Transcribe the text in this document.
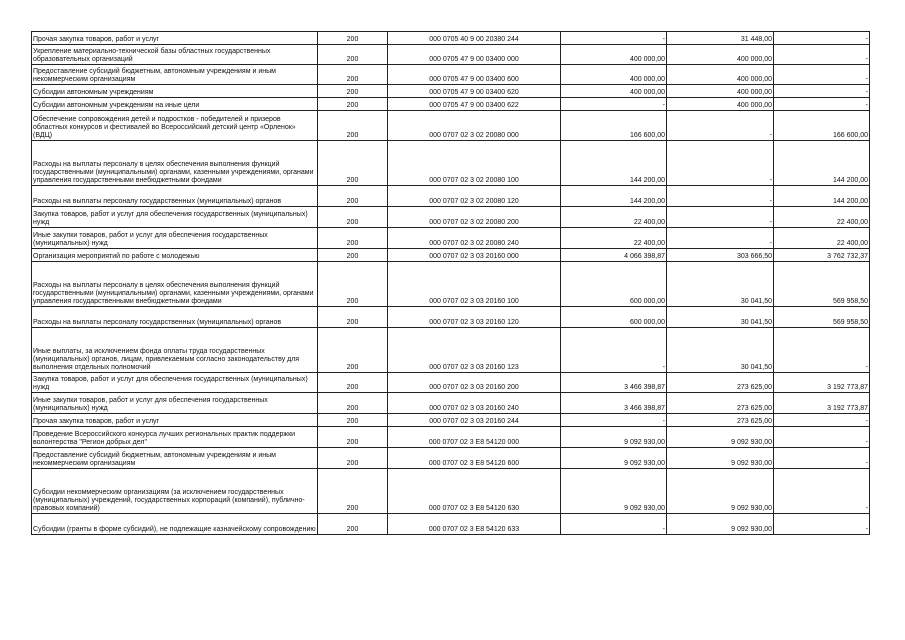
Прочая закупка товаров, работ и услуг	200	000 0705 40 9 00 20380 244	-	31 448,00	-
Укрепление материально-технической базы областных государственных образовательных организаций	200	000 0705 47 9 00 03400 000	400 000,00	400 000,00	-
Предоставление субсидий бюджетным, автономным учреждениям и иным некоммерческим организациям	200	000 0705 47 9 00 03400 600	400 000,00	400 000,00	-
Субсидии автономным учреждениям	200	000 0705 47 9 00 03400 620	400 000,00	400 000,00	-
Субсидии автономным учреждениям на иные цели	200	000 0705 47 9 00 03400 622	-	400 000,00	-
Обеспечение сопровождения детей и подростков - победителей и призеров областных конкурсов и фестивалей во Всероссийский детский центр «Орленок» (ВДЦ)	200	000 0707 02 3 02 20080 000	166 600,00	-	166 600,00
Расходы на выплаты персоналу в целях обеспечения выполнения функций государственными (муниципальными) органами, казенными учреждениями, органами управления государственными внебюджетными фондами	200	000 0707 02 3 02 20080 100	144 200,00	-	144 200,00
Расходы на выплаты персоналу государственных (муниципальных) органов	200	000 0707 02 3 02 20080 120	144 200,00	-	144 200,00
Закупка товаров, работ и услуг для обеспечения государственных (муниципальных) нужд	200	000 0707 02 3 02 20080 200	22 400,00	-	22 400,00
Иные закупки товаров, работ и услуг для обеспечения государственных (муниципальных) нужд	200	000 0707 02 3 02 20080 240	22 400,00	-	22 400,00
Организация мероприятий по работе с молодежью	200	000 0707 02 3 03 20160 000	4 066 398,87	303 666,50	3 762 732,37
Расходы на выплаты персоналу в целях обеспечения выполнения функций государственными (муниципальными) органами, казенными учреждениями, органами управления государственными внебюджетными фондами	200	000 0707 02 3 03 20160 100	600 000,00	30 041,50	569 958,50
Расходы на выплаты персоналу государственных (муниципальных) органов	200	000 0707 02 3 03 20160 120	600 000,00	30 041,50	569 958,50
Иные выплаты, за исключением фонда оплаты труда государственных (муниципальных) органов, лицам, привлекаемым согласно законодательству для выполнения отдельных полномочий	200	000 0707 02 3 03 20160 123	-	30 041,50	-
Закупка товаров, работ и услуг для обеспечения государственных (муниципальных) нужд	200	000 0707 02 3 03 20160 200	3 466 398,87	273 625,00	3 192 773,87
Иные закупки товаров, работ и услуг для обеспечения государственных (муниципальных) нужд	200	000 0707 02 3 03 20160 240	3 466 398,87	273 625,00	3 192 773,87
Прочая закупка товаров, работ и услуг	200	000 0707 02 3 03 20160 244	-	273 625,00	-
Проведение Всероссийского конкурса лучших региональных практик поддержки волонтерства "Регион добрых дел"	200	000 0707 02 3 E8 54120 000	9 092 930,00	9 092 930,00	-
Предоставление субсидий бюджетным, автономным учреждениям и иным некоммерческим организациям	200	000 0707 02 3 E8 54120 600	9 092 930,00	9 092 930,00	-
Субсидии некоммерческим организациям (за исключением государственных (муниципальных) учреждений, государственных корпораций (компаний), публично-правовых компаний)	200	000 0707 02 3 E8 54120 630	9 092 930,00	9 092 930,00	-
Субсидии (гранты в форме субсидий), не подлежащие казначейскому сопровождению	200	000 0707 02 3 E8 54120 633	-	9 092 930,00	-
